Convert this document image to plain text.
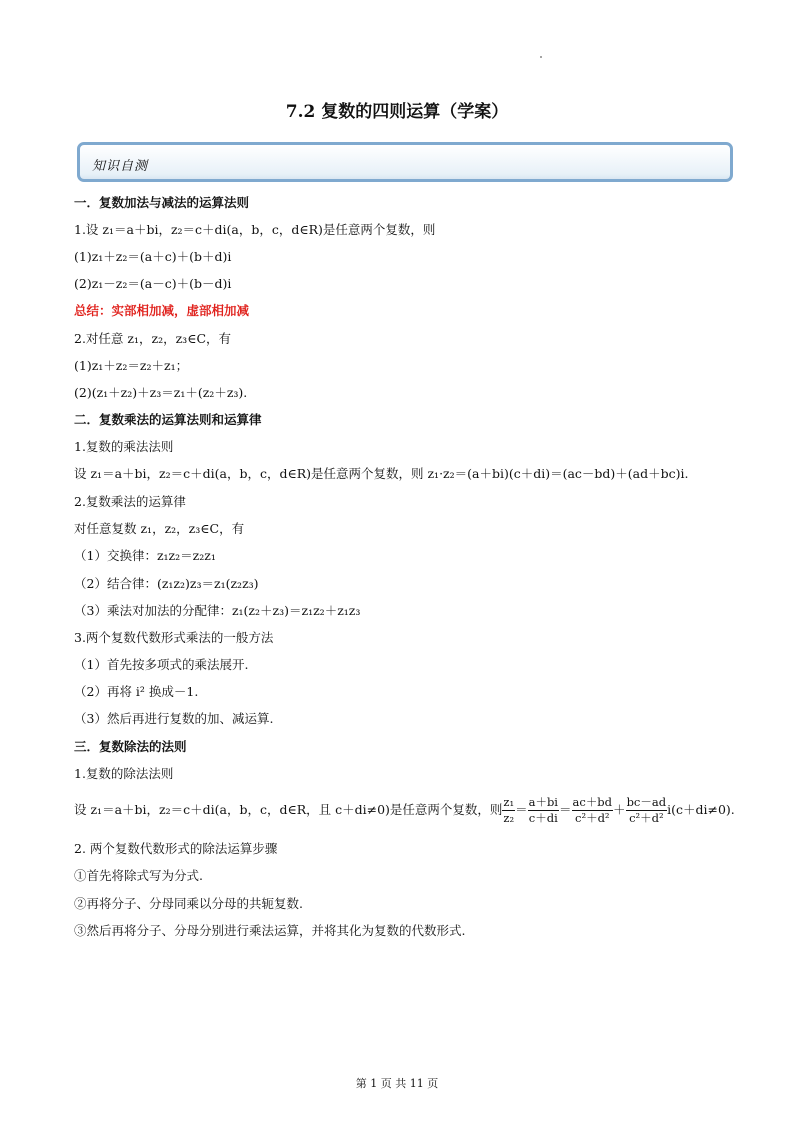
7.2 复数的四则运算（学案）
知识自测
一．复数加法与减法的运算法则
1.设 z₁＝a＋bi，z₂＝c＋di(a，b，c，d∈R)是任意两个复数，则
(1)z₁＋z₂＝(a＋c)＋(b＋d)i
(2)z₁－z₂＝(a－c)＋(b－d)i
总结：实部相加减，虚部相加减
2.对任意 z₁，z₂，z₃∈C，有
(1)z₁＋z₂＝z₂＋z₁；
(2)(z₁＋z₂)＋z₃＝z₁＋(z₂＋z₃).
二．复数乘法的运算法则和运算律
1.复数的乘法法则
设 z₁＝a＋bi，z₂＝c＋di(a，b，c，d∈R)是任意两个复数，则 z₁·z₂＝(a＋bi)(c＋di)＝(ac－bd)＋(ad＋bc)i.
2.复数乘法的运算律
对任意复数 z₁，z₂，z₃∈C，有
（1）交换律：z₁z₂＝z₂z₁
（2）结合律：(z₁z₂)z₃＝z₁(z₂z₃)
（3）乘法对加法的分配律：z₁(z₂＋z₃)＝z₁z₂＋z₁z₃
3.两个复数代数形式乘法的一般方法
（1）首先按多项式的乘法展开.
（2）再将 i² 换成－1.
（3）然后再进行复数的加、减运算.
三．复数除法的法则
1.复数的除法法则
设 z₁＝a＋bi，z₂＝c＋di(a，b，c，d∈R，且 c＋di≠0)是任意两个复数，则 $\frac{\text{z₁}}{\text{z₂}} = \frac{a+bi}{c+di} = \frac{ac+bd}{\text{c²＋d²}} + \frac{bc-ad}{\text{c²＋d²}} i(c+di\ne 0)$.
2. 两个复数代数形式的除法运算步骤
①首先将除式写为分式.
②再将分子、分母同乘以分母的共轭复数.
③然后再将分子、分母分别进行乘法运算，并将其化为复数的代数形式.
第 1 页 共 11 页
